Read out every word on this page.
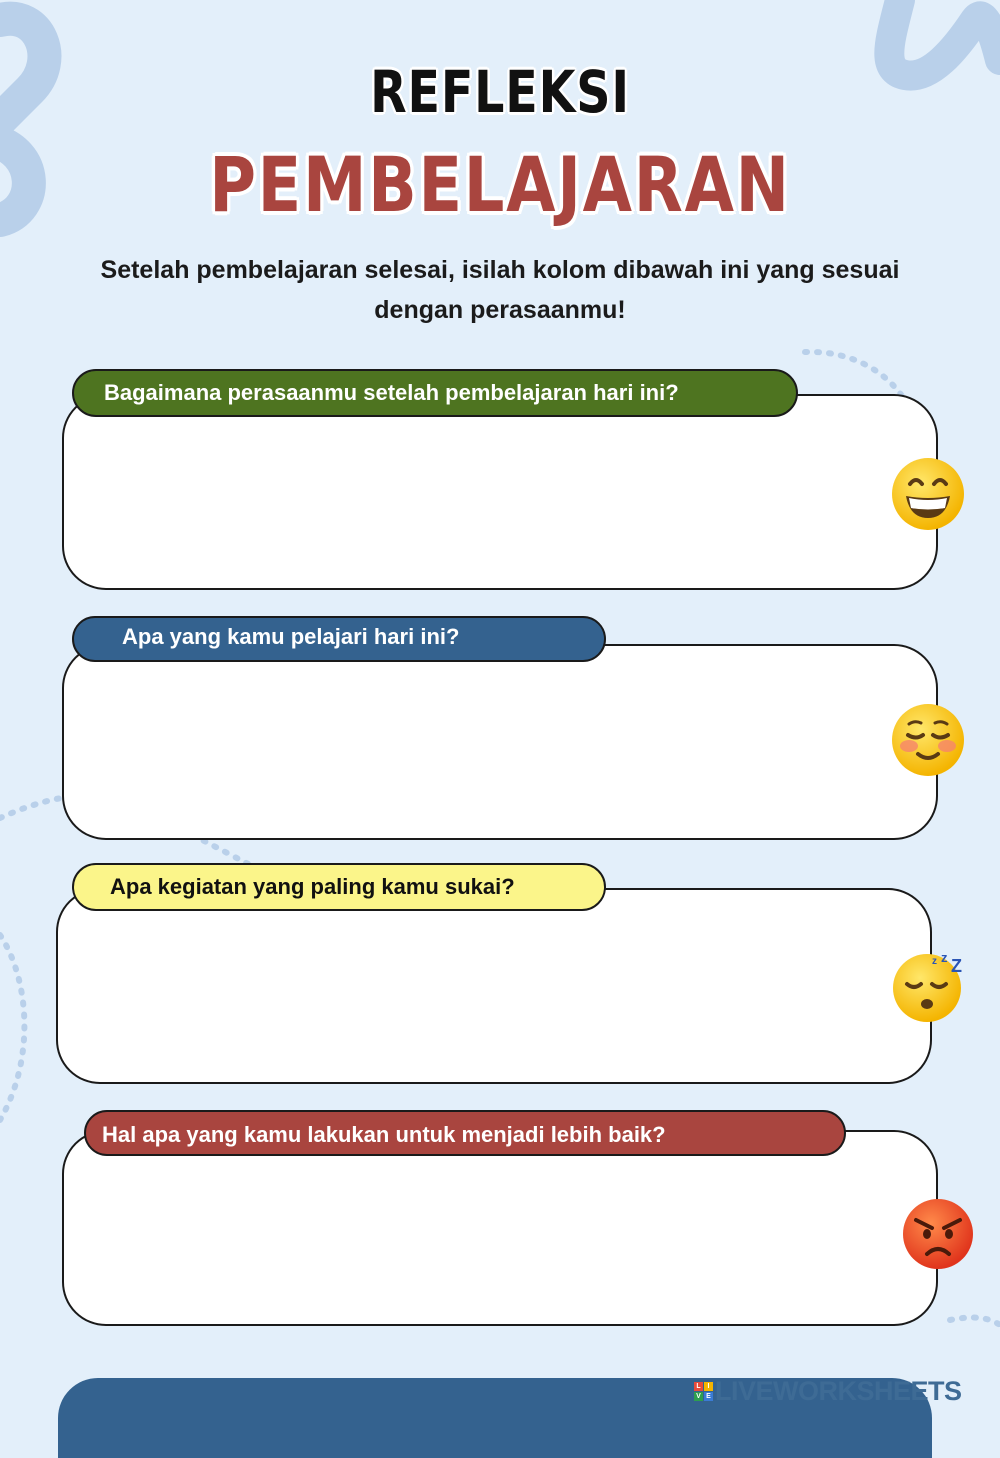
REFLEKSI
PEMBELAJARAN
Setelah pembelajaran selesai, isilah kolom dibawah ini yang sesuai dengan perasaanmu!
Bagaimana perasaanmu setelah pembelajaran hari ini?
Apa yang kamu pelajari hari ini?
Apa kegiatan yang paling kamu sukai?
z z Z
Hal apa yang kamu lakukan untuk menjadi lebih baik?
L I
V E LIVEWORKSHEETS
